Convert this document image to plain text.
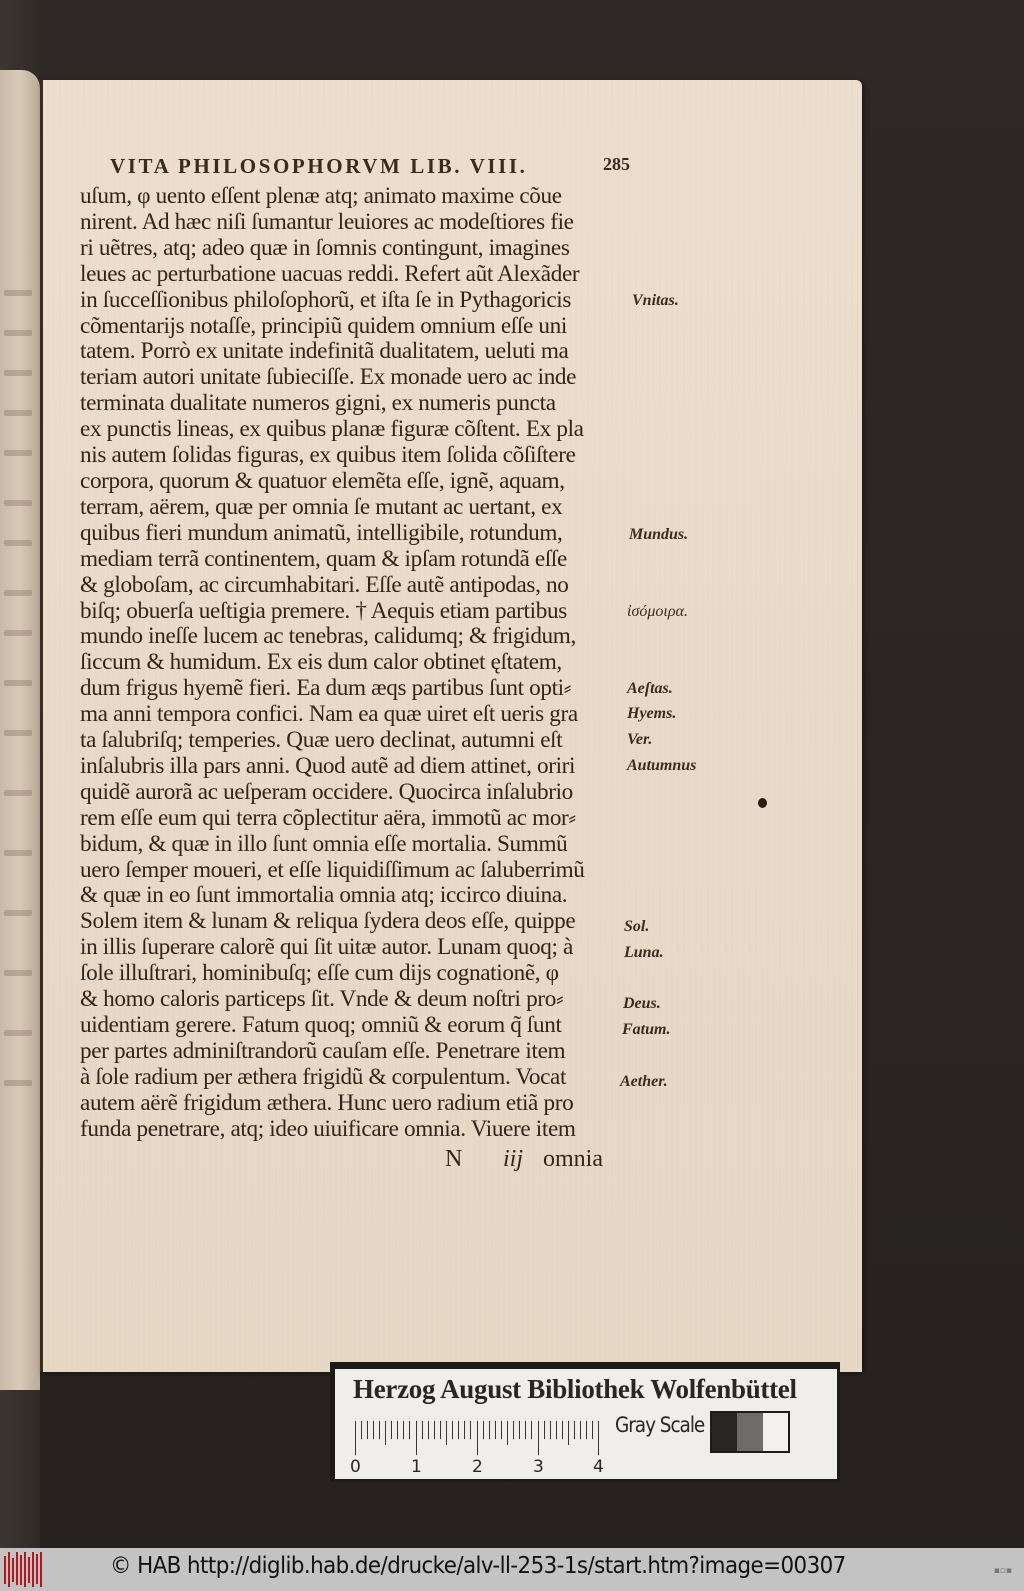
VITA PHILOSOPHORVM LIB. VIII.	285
uſum, φ uento eſſent plenæ atq; animato maxime cõue
nirent. Ad hæc niſi ſumantur leuiores ac modeſtiores fie
ri uẽtres, atq; adeo quæ in ſomnis contingunt, imagines
leues ac perturbatione uacuas reddi. Refert aũt Alexãder
in ſucceſſionibus philoſophorũ, et iſta ſe in Pythagoricis
cõmentarijs notaſſe, principiũ quidem omnium eſſe uni
tatem. Porrò ex unitate indefinitã dualitatem, ueluti ma
teriam autori unitate ſubieciſſe. Ex monade uero ac inde
terminata dualitate numeros gigni, ex numeris puncta
ex punctis lineas, ex quibus planæ figuræ cõſtent. Ex pla
nis autem ſolidas figuras, ex quibus item ſolida cõſiſtere
corpora, quorum & quatuor elemẽta eſſe, ignẽ, aquam,
terram, aërem, quæ per omnia ſe mutant ac uertant, ex
quibus fieri mundum animatũ, intelligibile, rotundum,
mediam terrã continentem, quam & ipſam rotundã eſſe
& globoſam, ac circumhabitari. Eſſe autẽ antipodas, no
biſq; obuerſa ueſtigia premere. † Aequis etiam partibus
mundo ineſſe lucem ac tenebras, calidumq; & frigidum,
ſiccum & humidum. Ex eis dum calor obtinet ęſtatem,
dum frigus hyemẽ fieri. Ea dum æqs partibus ſunt opti⸗
ma anni tempora confici. Nam ea quæ uiret eſt ueris gra
ta ſalubriſq; temperies. Quæ uero declinat, autumni eſt
inſalubris illa pars anni. Quod autẽ ad diem attinet, oriri
quidẽ aurorã ac ueſperam occidere. Quocirca inſalubrio
rem eſſe eum qui terra cõplectitur aëra, immotũ ac mor⸗
bidum, & quæ in illo ſunt omnia eſſe mortalia. Summũ
uero ſemper moueri, et eſſe liquidiſſimum ac ſaluberrimũ
& quæ in eo ſunt immortalia omnia atq; iccirco diuina.
Solem item & lunam & reliqua ſydera deos eſſe, quippe
in illis ſuperare calorẽ qui ſit uitæ autor. Lunam quoq; à
ſole illuſtrari, hominibuſq; eſſe cum dijs cognationẽ, φ
& homo caloris particeps ſit. Vnde & deum noſtri pro⸗
uidentiam gerere. Fatum quoq; omniũ & eorum q̃ ſunt
per partes adminiſtrandorũ cauſam eſſe. Penetrare item
à ſole radium per æthera frigidũ & corpulentum. Vocat
autem aërẽ frigidum æthera. Hunc uero radium etiã pro
funda penetrare, atq; ideo uiuificare omnia. Viuere item
N iij omnia
Vnitas.
Mundus.
ἰσόμοιρα.
Aeſtas.
Hyems.
Ver.
Autumnus
Sol.
Luna.
Deus.
Fatum.
Aether.
Herzog August Bibliothek Wolfenbüttel
0	1	2	3	4
Gray Scale
© HAB http://diglib.hab.de/drucke/alv-ll-253-1s/start.htm?image=00307	▪▫▪
